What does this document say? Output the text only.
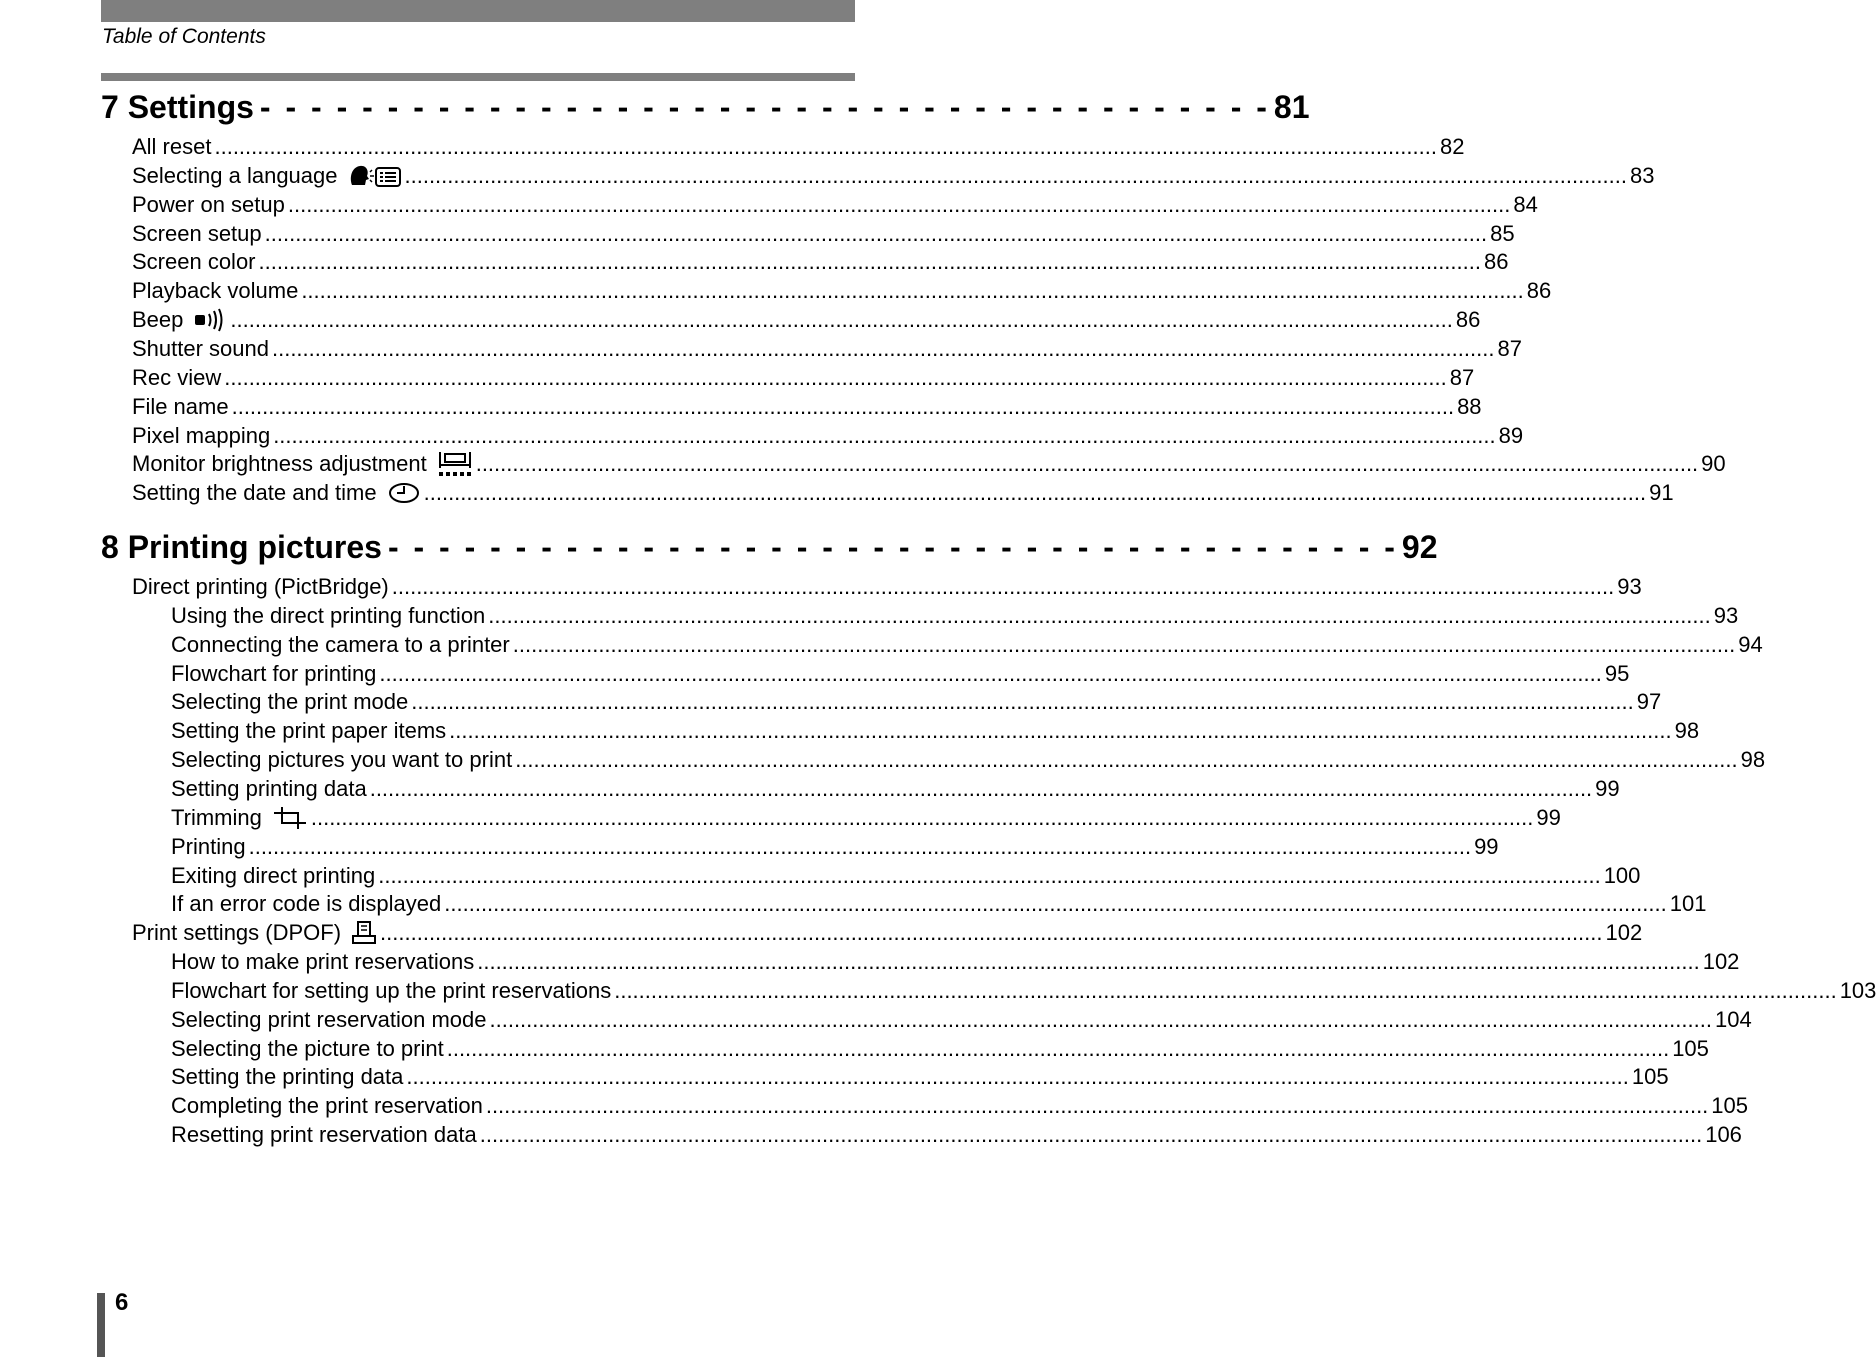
Table of Contents
7 Settings - - - - - - - - - - - - - - - - - - - - - - - - - - - - - - - - - - - - - - - - 81
All reset ........................................................................................................................................................................................................ 82
Selecting a language	........................................................................................................................................................................................................ 83
Power on setup ........................................................................................................................................................................................................ 84
Screen setup ........................................................................................................................................................................................................ 85
Screen color ........................................................................................................................................................................................................ 86
Playback volume ........................................................................................................................................................................................................ 86
Beep ........................................................................................................................................................................................................ 86
Shutter sound ........................................................................................................................................................................................................ 87
Rec view ........................................................................................................................................................................................................ 87
File name ........................................................................................................................................................................................................ 88
Pixel mapping ........................................................................................................................................................................................................ 89
Monitor brightness adjustment ........................................................................................................................................................................................................ 90
Setting the date and time ........................................................................................................................................................................................................ 91
8 Printing pictures - - - - - - - - - - - - - - - - - - - - - - - - - - - - - - - - - - - - - - - - 92
Direct printing (PictBridge) ........................................................................................................................................................................................................ 93
Using the direct printing function ........................................................................................................................................................................................................ 93
Connecting the camera to a printer ........................................................................................................................................................................................................ 94
Flowchart for printing ........................................................................................................................................................................................................ 95
Selecting the print mode ........................................................................................................................................................................................................ 97
Setting the print paper items ........................................................................................................................................................................................................ 98
Selecting pictures you want to print ........................................................................................................................................................................................................ 98
Setting printing data ........................................................................................................................................................................................................ 99
Trimming ........................................................................................................................................................................................................ 99
Printing ........................................................................................................................................................................................................ 99
Exiting direct printing ........................................................................................................................................................................................................ 100
If an error code is displayed ........................................................................................................................................................................................................ 101
Print settings (DPOF) ........................................................................................................................................................................................................ 102
How to make print reservations ........................................................................................................................................................................................................ 102
Flowchart for setting up the print reservations ........................................................................................................................................................................................................ 103
Selecting print reservation mode ........................................................................................................................................................................................................ 104
Selecting the picture to print ........................................................................................................................................................................................................ 105
Setting the printing data ........................................................................................................................................................................................................ 105
Completing the print reservation ........................................................................................................................................................................................................ 105
Resetting print reservation data ........................................................................................................................................................................................................ 106
6
